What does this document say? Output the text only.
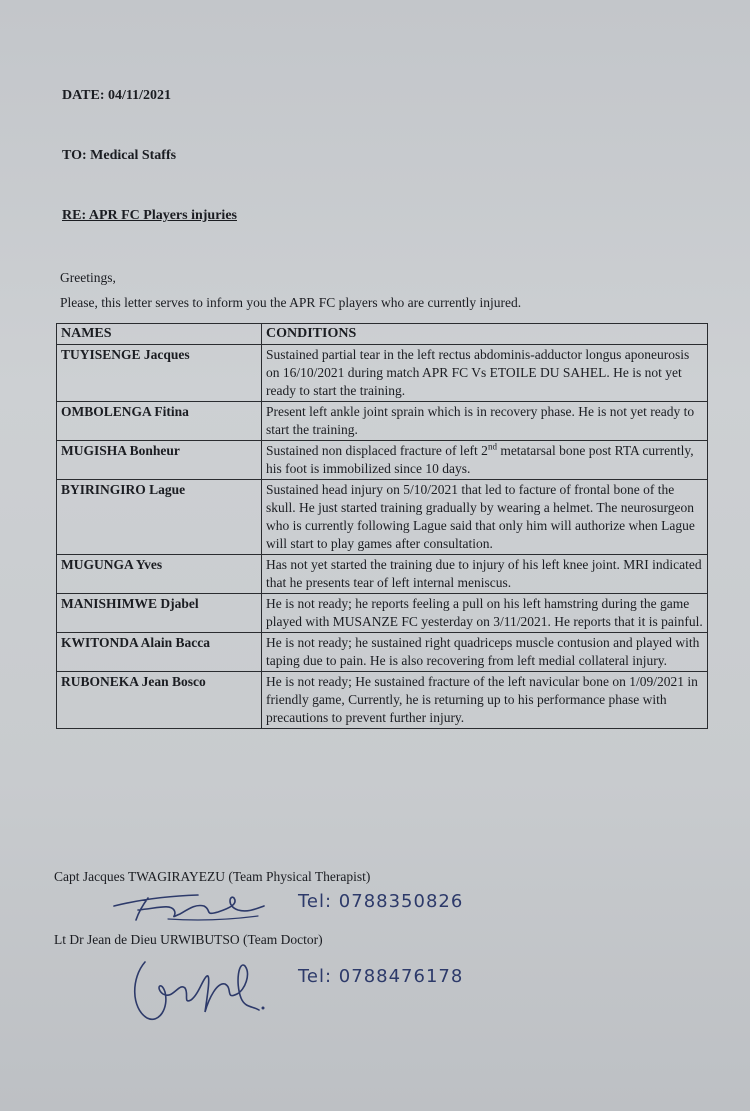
DATE: 04/11/2021
TO: Medical Staffs
RE: APR FC Players injuries
Greetings,
Please, this letter serves to inform you the APR FC players who are currently injured.
NAMES	CONDITIONS
TUYISENGE Jacques	Sustained partial tear in the left rectus abdominis-adductor longus aponeurosis on 16/10/2021 during match APR FC Vs ETOILE DU SAHEL. He is not yet ready to start the training.
OMBOLENGA Fitina	Present left ankle joint sprain which is in recovery phase. He is not yet ready to start the training.
MUGISHA Bonheur	Sustained non displaced fracture of left 2nd metatarsal bone post RTA currently, his foot is immobilized since 10 days.
BYIRINGIRO Lague	Sustained head injury on 5/10/2021 that led to facture of frontal bone of the skull. He just started training gradually by wearing a helmet. The neurosurgeon who is currently following Lague said that only him will authorize when Lague will start to play games after consultation.
MUGUNGA Yves	Has not yet started the training due to injury of his left knee joint. MRI indicated that he presents tear of left internal meniscus.
MANISHIMWE Djabel	He is not ready; he reports feeling a pull on his left hamstring during the game played with MUSANZE FC yesterday on 3/11/2021. He reports that it is painful.
KWITONDA Alain Bacca	He is not ready; he sustained right quadriceps muscle contusion and played with taping due to pain. He is also recovering from left medial collateral injury.
RUBONEKA Jean Bosco	He is not ready; He sustained fracture of the left navicular bone on 1/09/2021 in friendly game, Currently, he is returning up to his performance phase with precautions to prevent further injury.
Capt Jacques TWAGIRAYEZU (Team Physical Therapist)
Tel: 0788350826
Lt Dr Jean de Dieu URWIBUTSO (Team Doctor)
Tel: 0788476178
